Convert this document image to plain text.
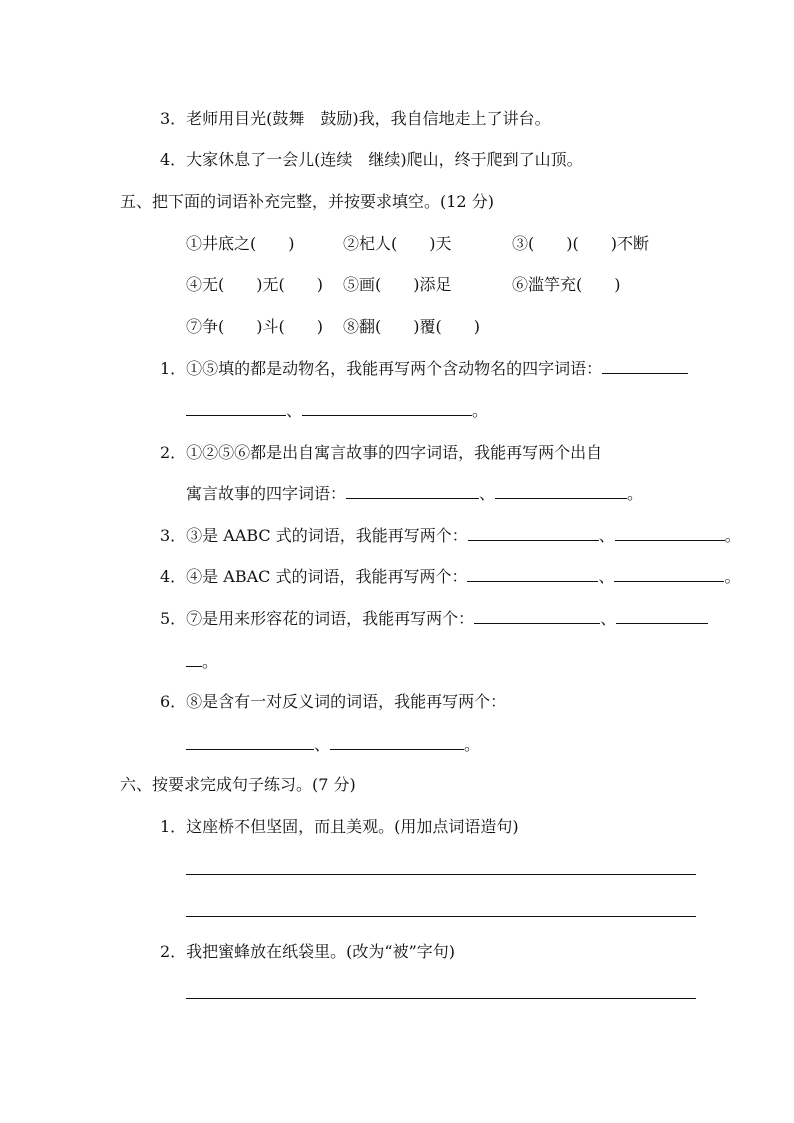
3．老师用目光(鼓舞　鼓励)我，我自信地走上了讲台。
4．大家休息了一会儿(连续　继续)爬山，终于爬到了山顶。
五、把下面的词语补充完整，并按要求填空。(12 分)
①井底之(　　)	②杞人(　　)天	③(　　)(　　)不断
④无(　　)无(　　) ⑤画(　　)添足	⑥滥竽充(　　)
⑦争(　　)斗(　　) ⑧翻(　　)覆(　　)
1．①⑤填的都是动物名，我能再写两个含动物名的四字词语：
、	。
2．①②⑤⑥都是出自寓言故事的四字词语，我能再写两个出自
寓言故事的四字词语：	、	。
3．③是 AABC 式的词语，我能再写两个：	、	。
4．④是 ABAC 式的词语，我能再写两个：	、	。
5．⑦是用来形容花的词语，我能再写两个：	、
。
6．⑧是含有一对反义词的词语，我能再写两个：
、	。
六、按要求完成句子练习。(7 分)
1．这座桥不但坚固，而且美观。(用加点词语造句)
2．我把蜜蜂放在纸袋里。(改为“被”字句)
